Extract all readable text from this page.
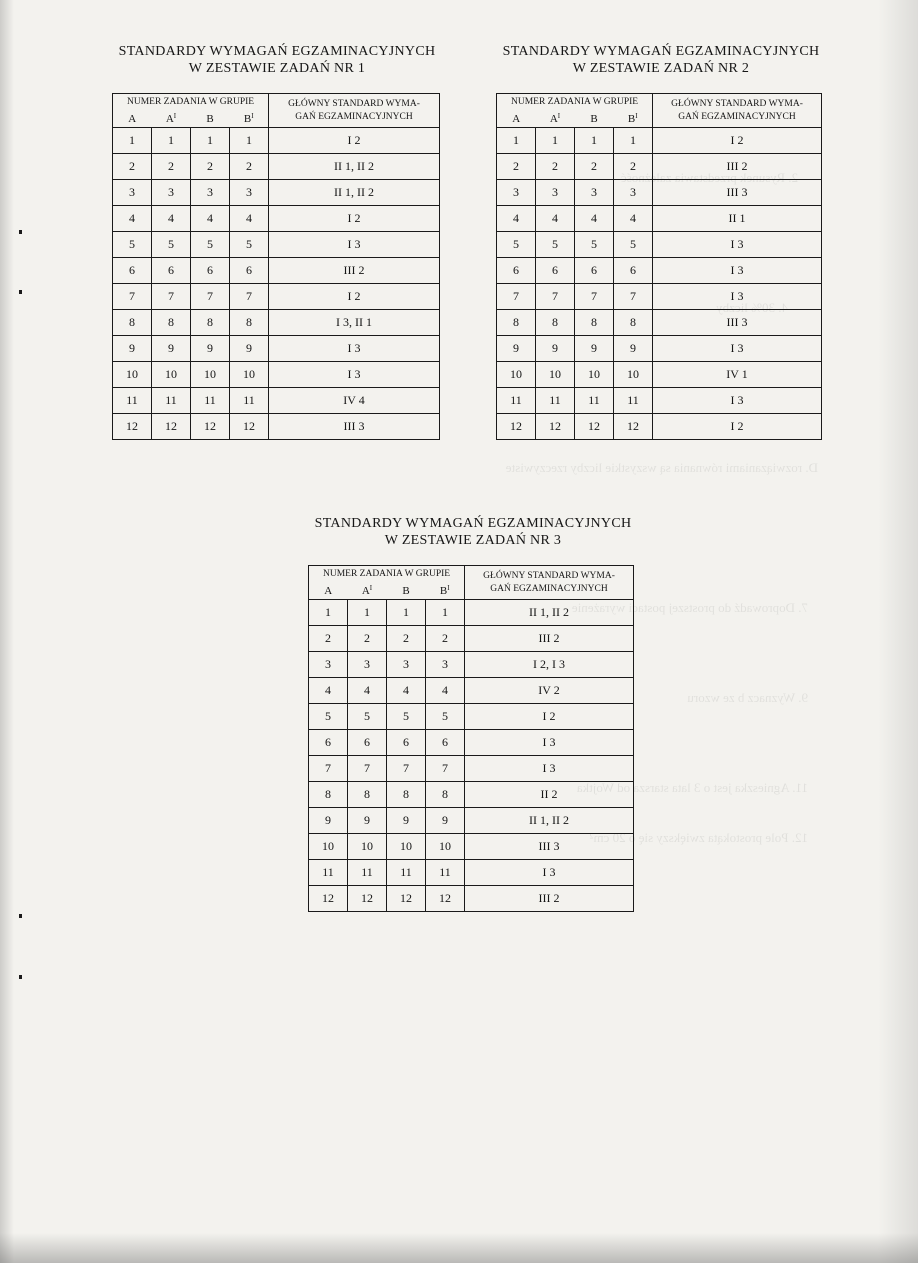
2. Rysunek przedstawia zależność
4. 30% liczby
D. rozwiązaniami równania są wszystkie liczby rzeczywiste
7. Doprowadź do prostszej postaci wyrażenie
9. Wyznacz b ze wzoru
11. Agnieszka jest o 3 lata starsza od Wojtka
12. Pole prostokąta zwiększy się o 20 cm²
STANDARDY WYMAGAŃ EGZAMINACYJNYCH
W ZESTAWIE ZADAŃ NR 1
NUMER ZADANIA W GRUPIE				GŁÓWNY STANDARD WYMA-
GAŃ EGZAMINACYJNYCH

A	$A^I$	B	$B^I$
1	1	1	1	I 2
2	2	2	2	II 1, II 2
3	3	3	3	II 1, II 2
4	4	4	4	I 2
5	5	5	5	I 3
6	6	6	6	III 2
7	7	7	7	I 2
8	8	8	8	I 3, II 1
9	9	9	9	I 3
10	10	10	10	I 3
11	11	11	11	IV 4
12	12	12	12	III 3
STANDARDY WYMAGAŃ EGZAMINACYJNYCH
W ZESTAWIE ZADAŃ NR 2
NUMER ZADANIA W GRUPIE				GŁÓWNY STANDARD WYMA-
GAŃ EGZAMINACYJNYCH

A	$A^I$	B	$B^I$
1	1	1	1	I 2
2	2	2	2	III 2
3	3	3	3	III 3
4	4	4	4	II 1
5	5	5	5	I 3
6	6	6	6	I 3
7	7	7	7	I 3
8	8	8	8	III 3
9	9	9	9	I 3
10	10	10	10	IV 1
11	11	11	11	I 3
12	12	12	12	I 2
STANDARDY WYMAGAŃ EGZAMINACYJNYCH
W ZESTAWIE ZADAŃ NR 3
NUMER ZADANIA W GRUPIE				GŁÓWNY STANDARD WYMA-
GAŃ EGZAMINACYJNYCH

A	$A^I$	B	$B^I$
1	1	1	1	II 1, II 2
2	2	2	2	III 2
3	3	3	3	I 2, I 3
4	4	4	4	IV 2
5	5	5	5	I 2
6	6	6	6	I 3
7	7	7	7	I 3
8	8	8	8	II 2
9	9	9	9	II 1, II 2
10	10	10	10	III 3
11	11	11	11	I 3
12	12	12	12	III 2
